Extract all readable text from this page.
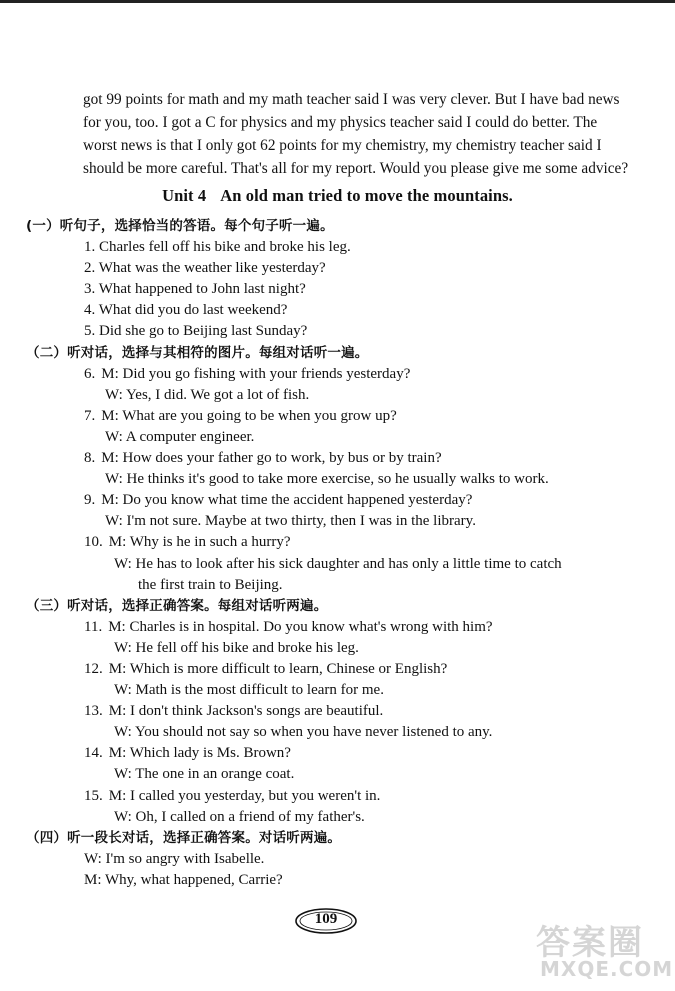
got 99 points for math and my math teacher said I was very clever. But I have bad news

for you, too. I got a C for physics and my physics teacher said I could do better. The

worst news is that I only got 62 points for my chemistry, my chemistry teacher said I

should be more careful. That's all for my report. Would you please give me some advice?

Unit 4 An old man tried to move the mountains.
(一）听句子，选择恰当的答语。每个句子听一遍。
1. Charles fell off his bike and broke his leg.
2. What was the weather like yesterday?
3. What happened to John last night?
4. What did you do last weekend?
5. Did she go to Beijing last Sunday?
（二）听对话，选择与其相符的图片。每组对话听一遍。
6. M: Did you go fishing with your friends yesterday?
W: Yes, I did. We got a lot of fish.
7. M: What are you going to be when you grow up?
W: A computer engineer.
8. M: How does your father go to work, by bus or by train?
W: He thinks it's good to take more exercise, so he usually walks to work.
9. M: Do you know what time the accident happened yesterday?
W: I'm not sure. Maybe at two thirty, then I was in the library.
10. M: Why is he in such a hurry?
W: He has to look after his sick daughter and has only a little time to catch
the first train to Beijing.
（三）听对话，选择正确答案。每组对话听两遍。
11. M: Charles is in hospital. Do you know what's wrong with him?
W: He fell off his bike and broke his leg.
12. M: Which is more difficult to learn, Chinese or English?
W: Math is the most difficult to learn for me.
13. M: I don't think Jackson's songs are beautiful.
W: You should not say so when you have never listened to any.
14. M: Which lady is Ms. Brown?
W: The one in an orange coat.
15. M: I called you yesterday, but you weren't in.
W: Oh, I called on a friend of my father's.
（四）听一段长对话，选择正确答案。对话听两遍。
W: I'm so angry with Isabelle.
M: Why, what happened, Carrie?
109
答案圈
MXQE.COM
